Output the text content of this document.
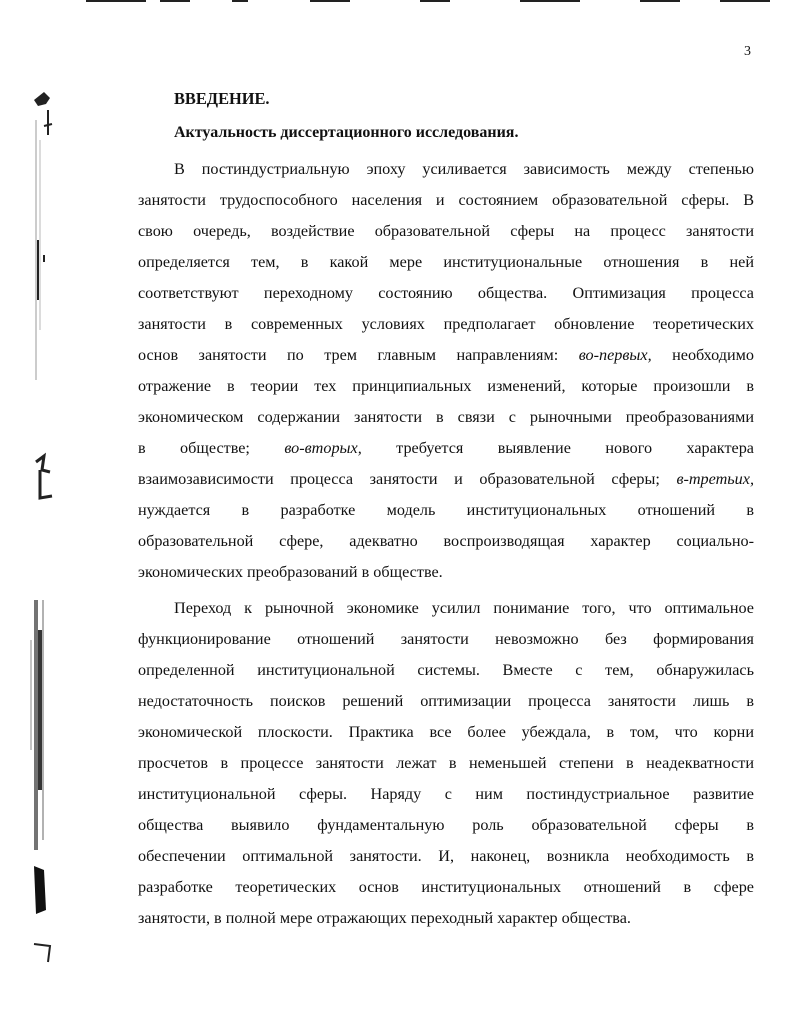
3
ВВЕДЕНИЕ.
Актуальность диссертационного исследования.
В постиндустриальную эпоху усиливается зависимость между степенью
занятости трудоспособного населения и состоянием образовательной сферы. В
свою очередь, воздействие образовательной сферы на процесс занятости
определяется тем, в какой мере институциональные отношения в ней
соответствуют переходному состоянию общества. Оптимизация процесса
занятости в современных условиях предполагает обновление теоретических
основ занятости по трем главным направлениям: во-первых, необходимо
отражение в теории тех принципиальных изменений, которые произошли в
экономическом содержании занятости в связи с рыночными преобразованиями
в обществе; во-вторых, требуется выявление нового характера
взаимозависимости процесса занятости и образовательной сферы; в-третьих,
нуждается в разработке модель институциональных отношений в
образовательной сфере, адекватно воспроизводящая характер социально-
экономических преобразований в обществе.
Переход к рыночной экономике усилил понимание того, что оптимальное
функционирование отношений занятости невозможно без формирования
определенной институциональной системы. Вместе с тем, обнаружилась
недостаточность поисков решений оптимизации процесса занятости лишь в
экономической плоскости. Практика все более убеждала, в том, что корни
просчетов в процессе занятости лежат в неменьшей степени в неадекватности
институциональной сферы. Наряду с ним постиндустриальное развитие
общества выявило фундаментальную роль образовательной сферы в
обеспечении оптимальной занятости. И, наконец, возникла необходимость в
разработке теоретических основ институциональных отношений в сфере
занятости, в полной мере отражающих переходный характер общества.
